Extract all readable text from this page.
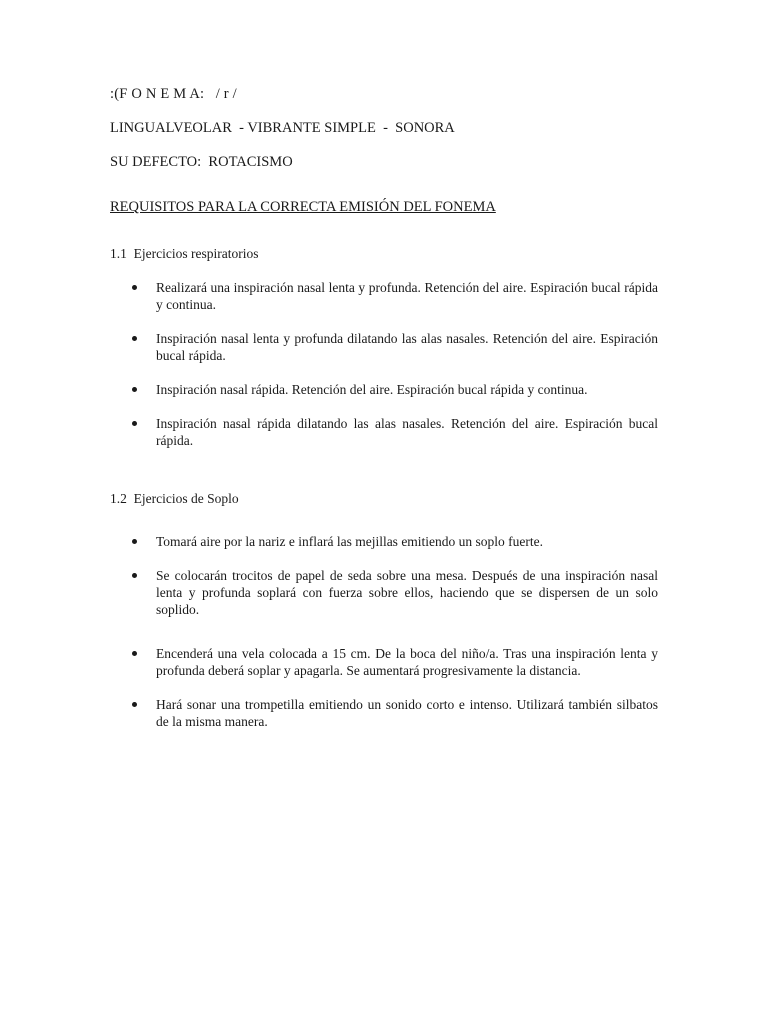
:(F O N E M A:   / r /
LINGUALVEOLAR  - VIBRANTE SIMPLE  -  SONORA
SU DEFECTO:  ROTACISMO
REQUISITOS PARA LA CORRECTA EMISIÓN DEL FONEMA
1.1  Ejercicios respiratorios
Realizará una inspiración nasal lenta y profunda. Retención del aire. Espiración bucal rápida y continua.
Inspiración nasal lenta y profunda dilatando las alas nasales. Retención del aire. Espiración bucal rápida.
Inspiración nasal rápida. Retención del aire. Espiración bucal rápida y continua.
Inspiración nasal rápida dilatando las alas nasales. Retención del aire. Espiración bucal rápida.
1.2  Ejercicios de Soplo
Tomará aire por la nariz e inflará las mejillas emitiendo un soplo fuerte.
Se colocarán trocitos de papel de seda sobre una mesa. Después de una inspiración nasal lenta y profunda soplará con fuerza sobre ellos, haciendo que se dispersen de un solo soplido.
Encenderá una vela colocada a 15 cm. De la boca del niño/a. Tras una inspiración lenta y profunda deberá soplar y apagarla. Se aumentará progresivamente la distancia.
Hará sonar una trompetilla emitiendo un sonido corto e intenso. Utilizará también silbatos de la misma manera.
